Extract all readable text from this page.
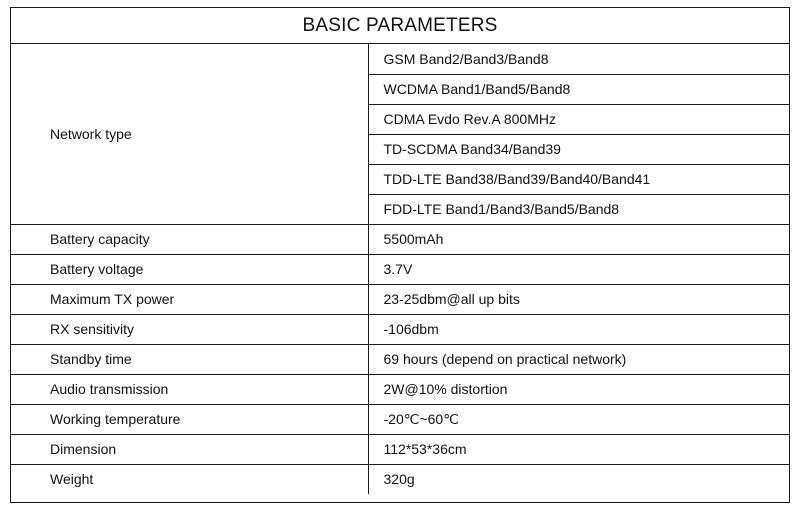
BASIC PARAMETERS
Network type	GSM Band2/Band3/Band8
	WCDMA Band1/Band5/Band8
	CDMA Evdo Rev.A 800MHz
	TD-SCDMA Band34/Band39
	TDD-LTE Band38/Band39/Band40/Band41
	FDD-LTE Band1/Band3/Band5/Band8
Battery capacity	5500mAh
Battery voltage	3.7V
Maximum TX power	23-25dbm@all up bits
RX sensitivity	-106dbm
Standby time	69 hours (depend on practical network)
Audio transmission	2W@10% distortion
Working temperature	-20℃~60℃
Dimension	112*53*36cm
Weight	320g
